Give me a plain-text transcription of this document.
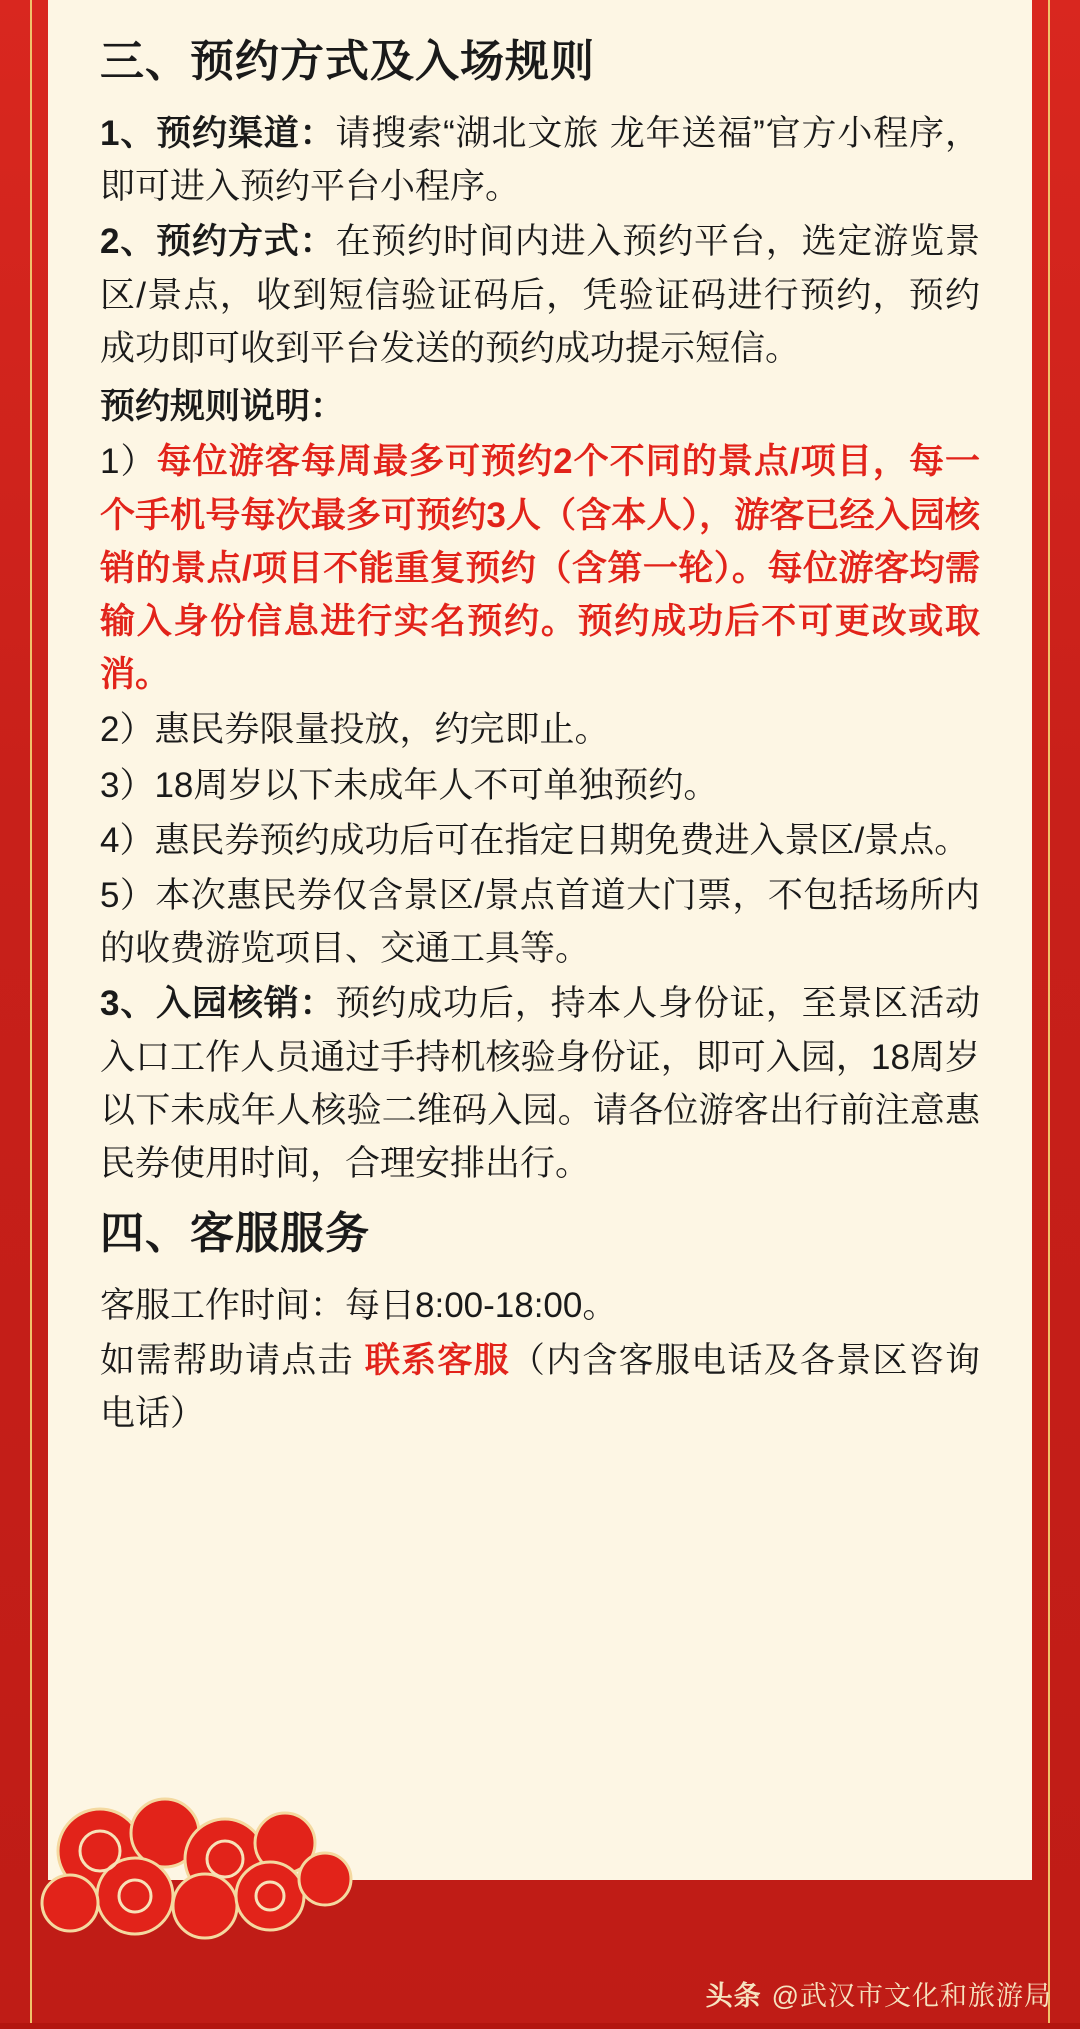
三、预约方式及入场规则

1、预约渠道：请搜索“湖北文旅 龙年送福”官方小程序，即可进入预约平台小程序。

2、预约方式：在预约时间内进入预约平台，选定游览景区/景点，收到短信验证码后，凭验证码进行预约，预约成功即可收到平台发送的预约成功提示短信。

预约规则说明：

1）每位游客每周最多可预约2个不同的景点/项目，每一个手机号每次最多可预约3人（含本人），游客已经入园核销的景点/项目不能重复预约（含第一轮）。每位游客均需输入身份信息进行实名预约。预约成功后不可更改或取消。

2）惠民券限量投放，约完即止。

3）18周岁以下未成年人不可单独预约。

4）惠民券预约成功后可在指定日期免费进入景区/景点。

5）本次惠民券仅含景区/景点首道大门票，不包括场所内的收费游览项目、交通工具等。

3、入园核销：预约成功后，持本人身份证，至景区活动入口工作人员通过手持机核验身份证，即可入园，18周岁以下未成年人核验二维码入园。请各位游客出行前注意惠民券使用时间，合理安排出行。

四、客服服务

客服工作时间：每日8:00-18:00。

如需帮助请点击 联系客服（内含客服电话及各景区咨询电话）

头条 @武汉市文化和旅游局
